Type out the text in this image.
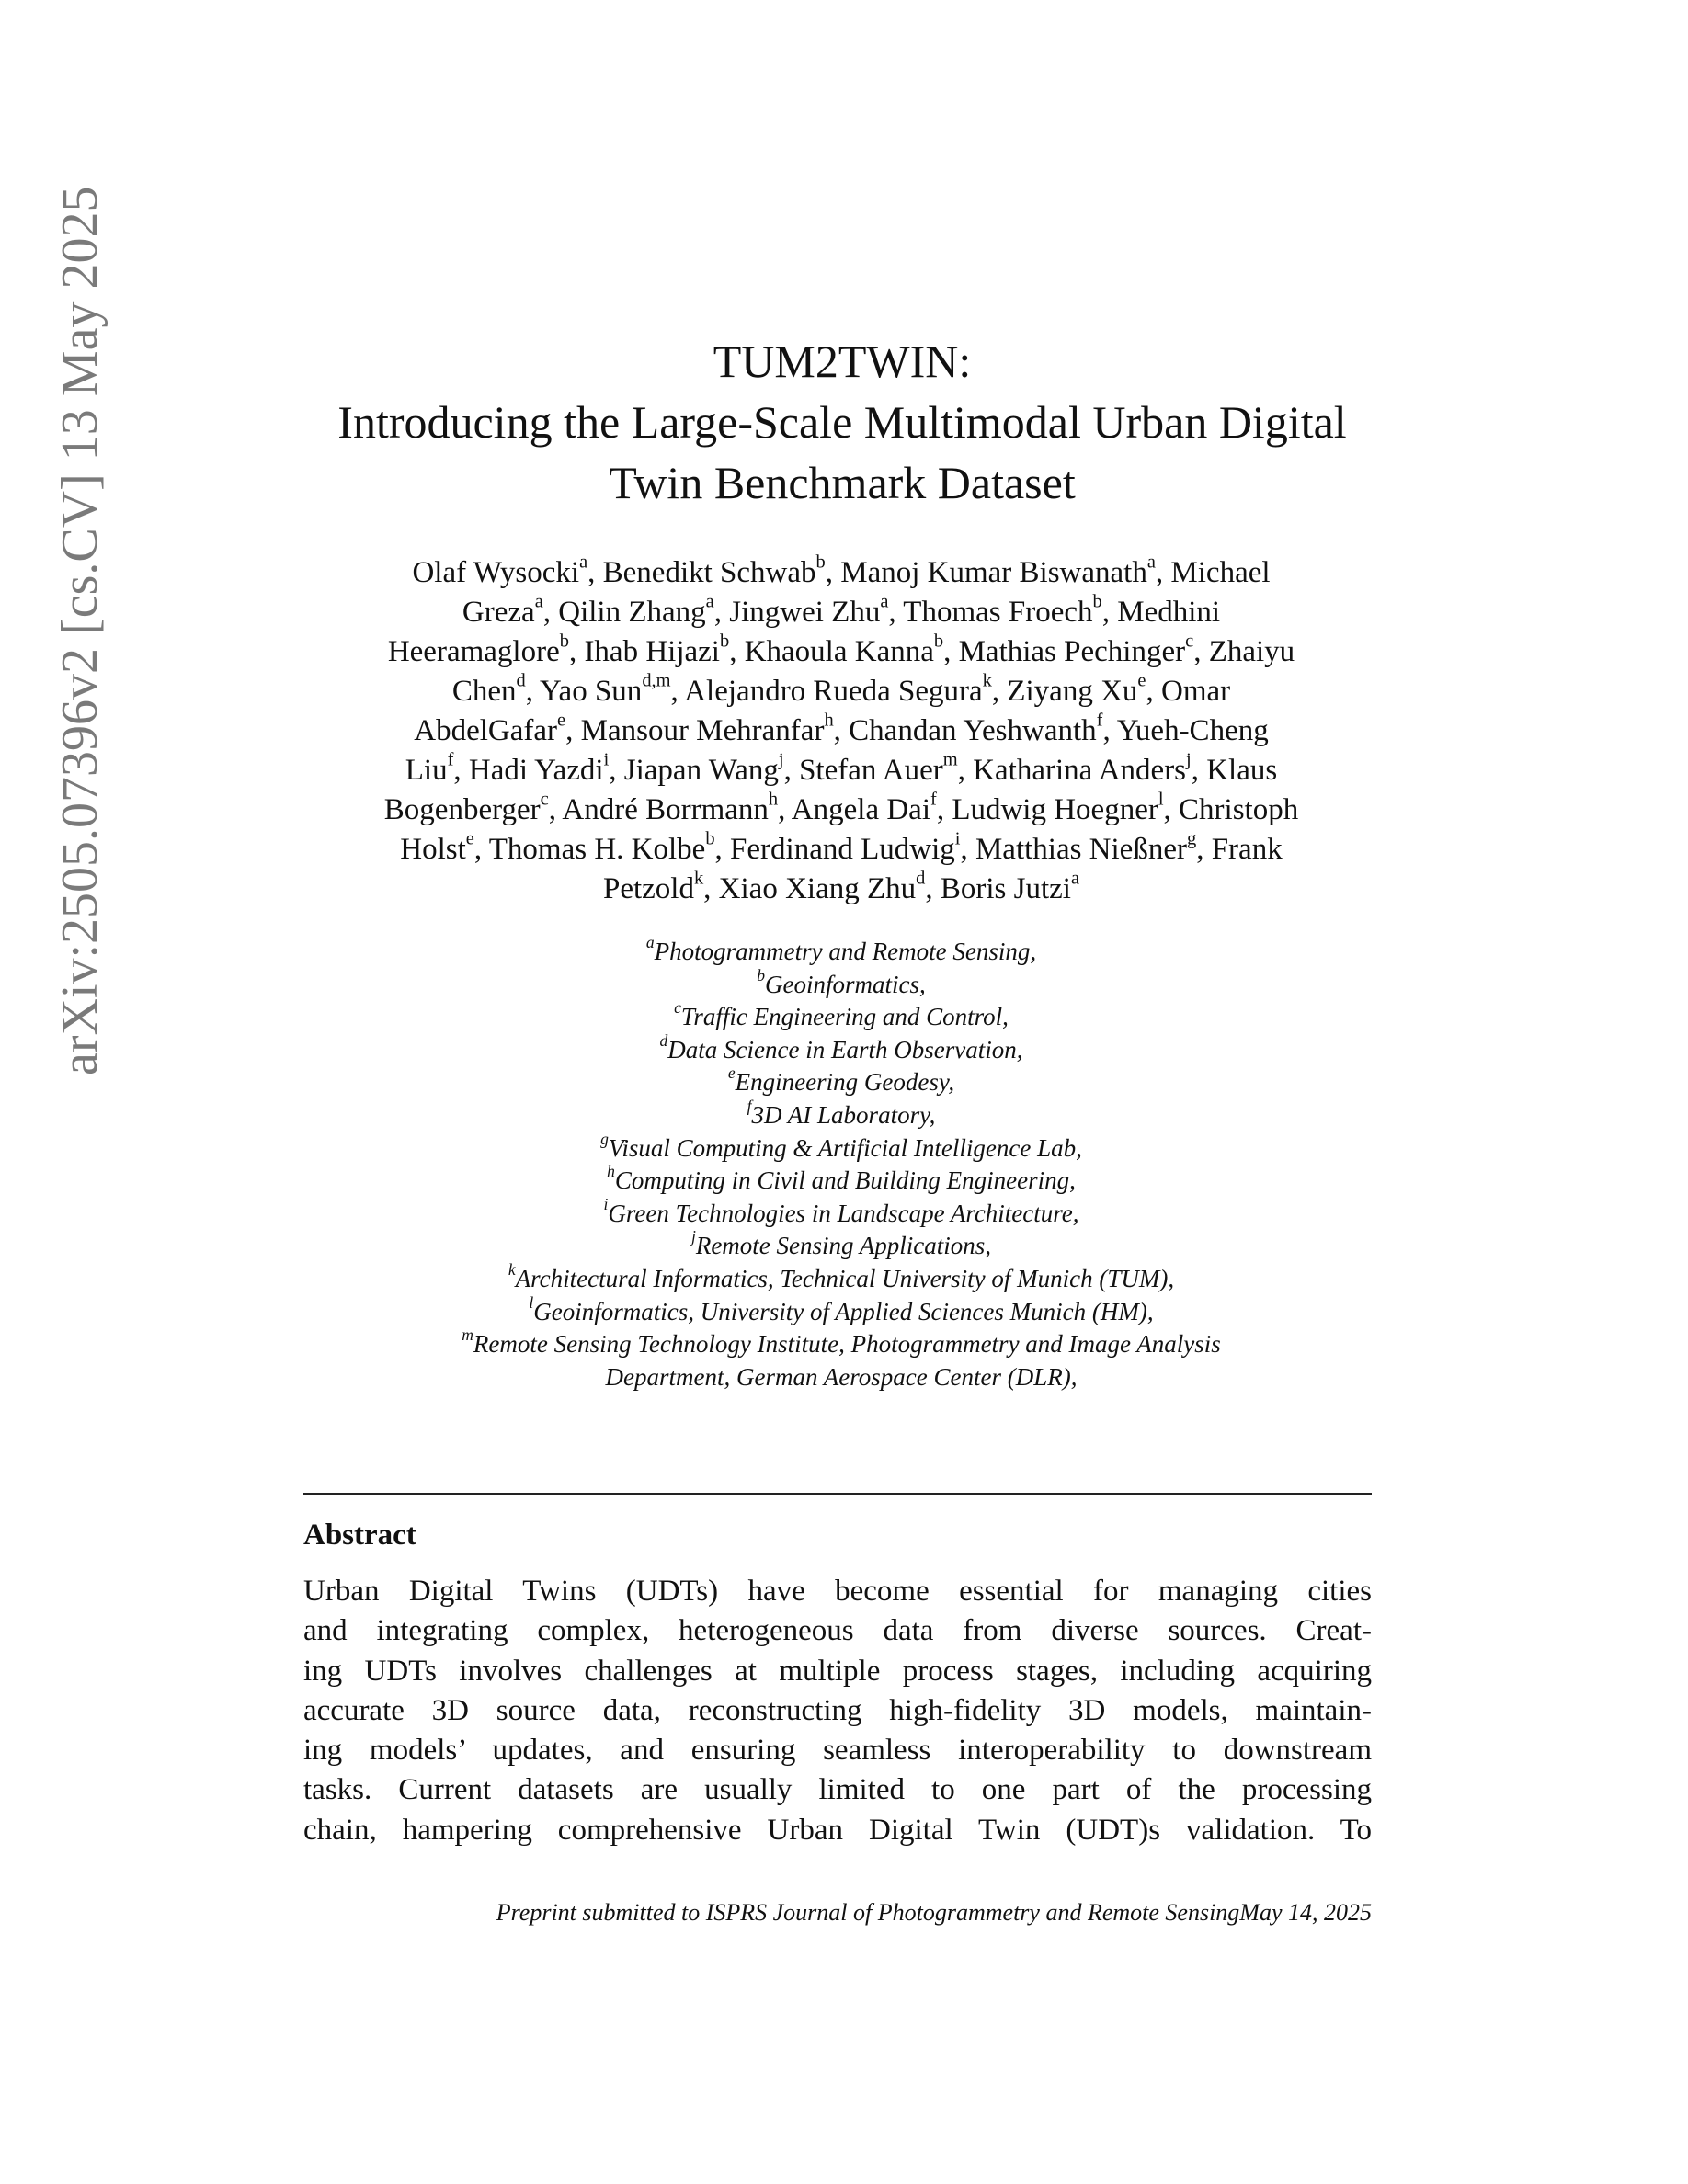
arXiv:2505.07396v2 [cs.CV] 13 May 2025	TUM2TWIN:
Introducing the Large-Scale Multimodal Urban Digital
Twin Benchmark Dataset
Olaf Wysocki$^a$, Benedikt Schwab$^b$, Manoj Kumar Biswanath$^a$, Michael
Greza$^a$, Qilin Zhang$^a$, Jingwei Zhu$^a$, Thomas Froech$^b$, Medhini
Heeramaglore$^b$, Ihab Hijazi$^b$, Khaoula Kanna$^b$, Mathias Pechinger$^c$, Zhaiyu
Chen$^d$, Yao Sun$^{d,m}$, Alejandro Rueda Segura$^k$, Ziyang Xu$^e$, Omar
AbdelGafar$^e$, Mansour Mehranfar$^h$, Chandan Yeshwanth$^f$, Yueh-Cheng
Liu$^f$, Hadi Yazdi$^i$, Jiapan Wang$^j$, Stefan Auer$^m$, Katharina Anders$^j$, Klaus
Bogenberger$^c$, André Borrmann$^h$, Angela Dai$^f$, Ludwig Hoegner$^l$, Christoph
Holst$^e$, Thomas H. Kolbe$^b$, Ferdinand Ludwig$^i$, Matthias Nießner$^g$, Frank
Petzold$^k$, Xiao Xiang Zhu$^d$, Boris Jutzi$^a$
$^a$Photogrammetry and Remote Sensing,
$^b$Geoinformatics,
$^c$Traffic Engineering and Control,
$^d$Data Science in Earth Observation,
$^e$Engineering Geodesy,
$^f$3D AI Laboratory,
$^g$Visual Computing & Artificial Intelligence Lab,
$^h$Computing in Civil and Building Engineering,
$^i$Green Technologies in Landscape Architecture,
$^j$Remote Sensing Applications,
$^k$Architectural Informatics, Technical University of Munich (TUM),
$^l$Geoinformatics, University of Applied Sciences Munich (HM),
$^m$Remote Sensing Technology Institute, Photogrammetry and Image Analysis
Department, German Aerospace Center (DLR),
Abstract
Urban Digital Twins (UDTs) have become essential for managing cities
and integrating complex, heterogeneous data from diverse sources. Creat-
ing UDTs involves challenges at multiple process stages, including acquiring
accurate 3D source data, reconstructing high-fidelity 3D models, maintain-
ing models’ updates, and ensuring seamless interoperability to downstream
tasks. Current datasets are usually limited to one part of the processing
chain, hampering comprehensive Urban Digital Twin (UDT)s validation. To
Preprint submitted to ISPRS Journal of Photogrammetry and Remote SensingMay 14, 2025
